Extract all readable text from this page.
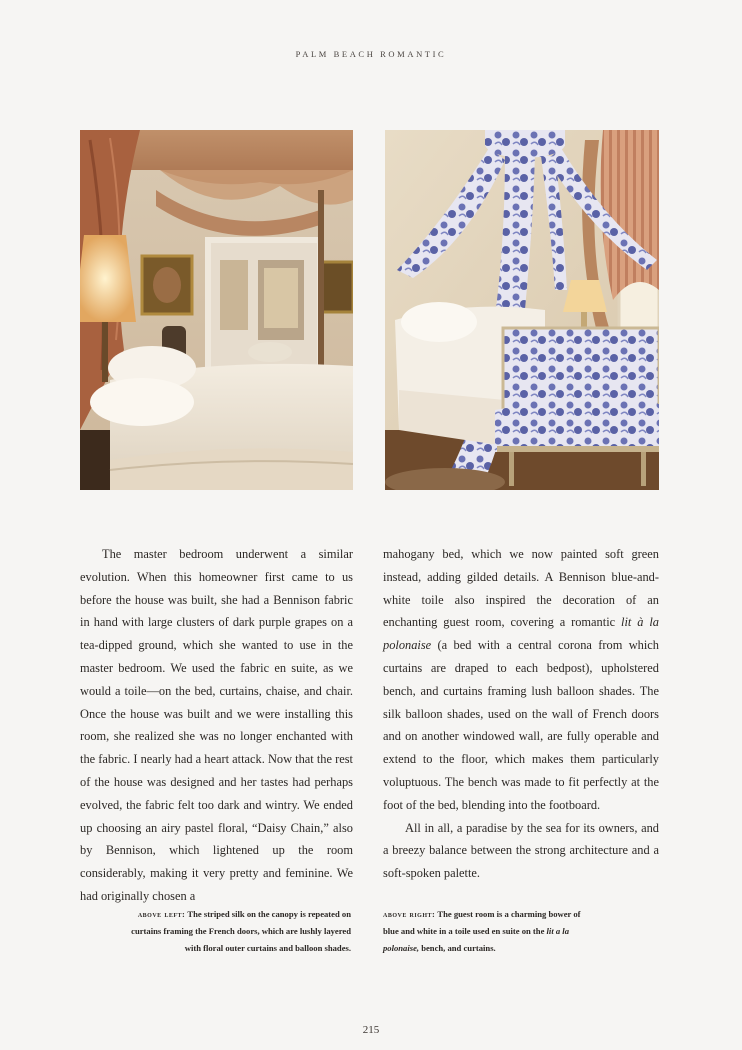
PALM BEACH ROMANTIC

The master bedroom underwent a similar evolution. When this homeowner first came to us before the house was built, she had a Bennison fabric in hand with large clusters of dark purple grapes on a tea-dipped ground, which she wanted to use in the master bedroom. We used the fabric en suite, as we would a toile—on the bed, curtains, chaise, and chair. Once the house was built and we were installing this room, she realized she was no longer enchanted with the fabric. I nearly had a heart attack. Now that the rest of the house was designed and her tastes had perhaps evolved, the fabric felt too dark and wintry. We ended up choosing an airy pastel floral, “Daisy Chain,” also by Bennison, which lightened up the room considerably, making it very pretty and feminine. We had originally chosen a

mahogany bed, which we now painted soft green instead, adding gilded details. A Bennison blue-and-white toile also inspired the decoration of an enchanting guest room, covering a romantic lit à la polonaise (a bed with a central corona from which curtains are draped to each bedpost), upholstered bench, and curtains framing lush balloon shades. The silk balloon shades, used on the wall of French doors and on another windowed wall, are fully operable and extend to the floor, which makes them particularly voluptuous. The bench was made to fit perfectly at the foot of the bed, blending into the footboard.

All in all, a paradise by the sea for its owners, and a breezy balance between the strong architecture and a soft-spoken palette.

above left: The striped silk on the canopy is repeated on curtains framing the French doors, which are lushly layered with floral outer curtains and balloon shades.
above right: The guest room is a charming bower of blue and white in a toile used en suite on the lit a la polonaise, bench, and curtains.
215
